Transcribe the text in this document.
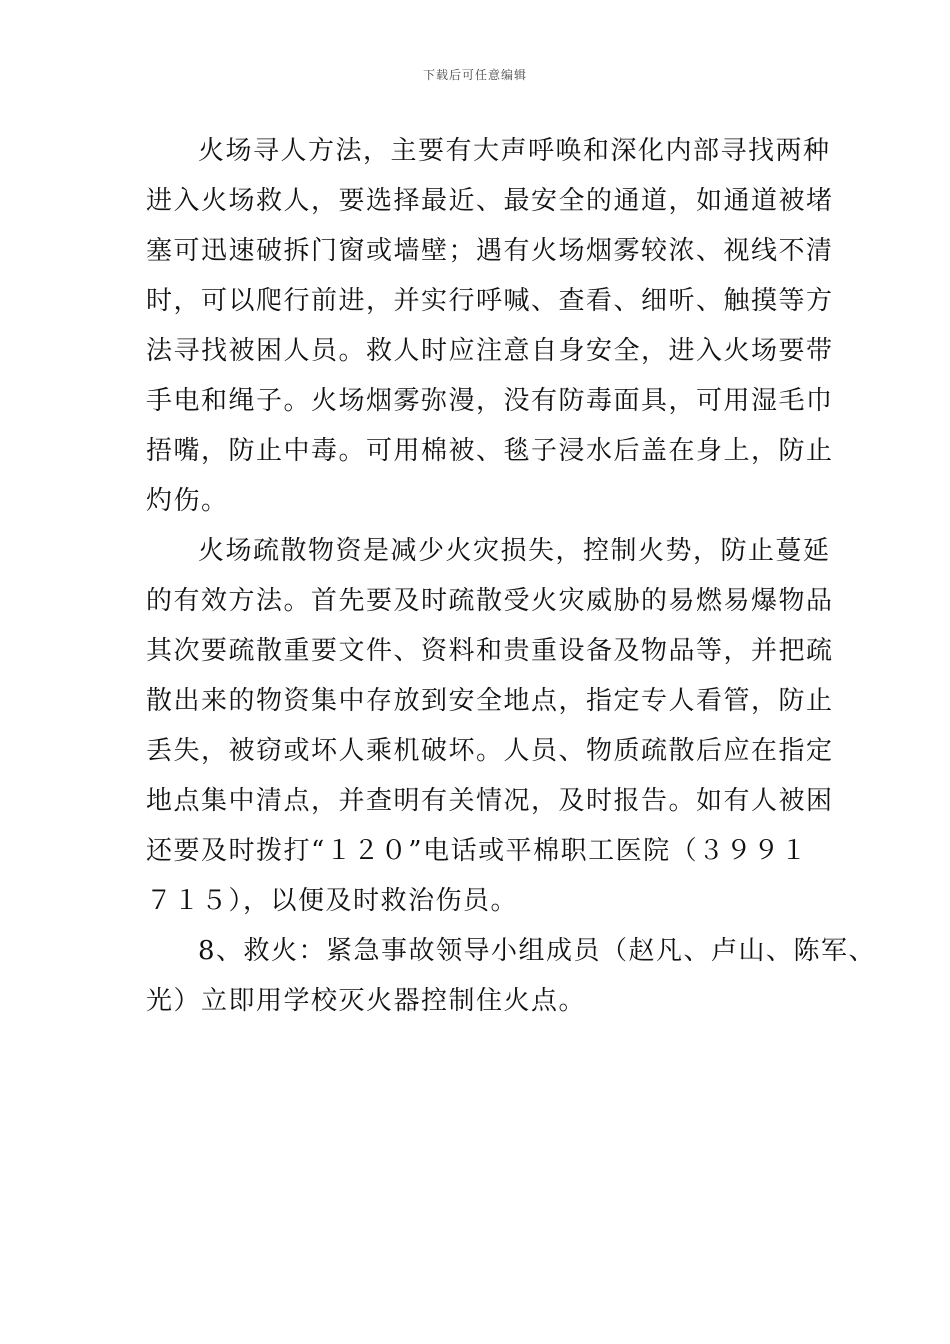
下载后可任意编辑
火场寻人方法，主要有大声呼唤和深化内部寻找两种
进入火场救人，要选择最近、最安全的通道，如通道被堵
塞可迅速破拆门窗或墙壁；遇有火场烟雾较浓、视线不清
时，可以爬行前进，并实行呼喊、查看、细听、触摸等方
法寻找被困人员。救人时应注意自身安全，进入火场要带
手电和绳子。火场烟雾弥漫，没有防毒面具，可用湿毛巾
捂嘴，防止中毒。可用棉被、毯子浸水后盖在身上，防止
灼伤。
火场疏散物资是减少火灾损失，控制火势，防止蔓延
的有效方法。首先要及时疏散受火灾威胁的易燃易爆物品
其次要疏散重要文件、资料和贵重设备及物品等，并把疏
散出来的物资集中存放到安全地点，指定专人看管，防止
丢失，被窃或坏人乘机破坏。人员、物质疏散后应在指定
地点集中清点，并查明有关情况，及时报告。如有人被困
还要及时拨打“１２０”电话或平棉职工医院（３９９１
７１５），以便及时救治伤员。
8、救火：紧急事故领导小组成员（赵凡、卢山、陈军、
光）立即用学校灭火器控制住火点。
